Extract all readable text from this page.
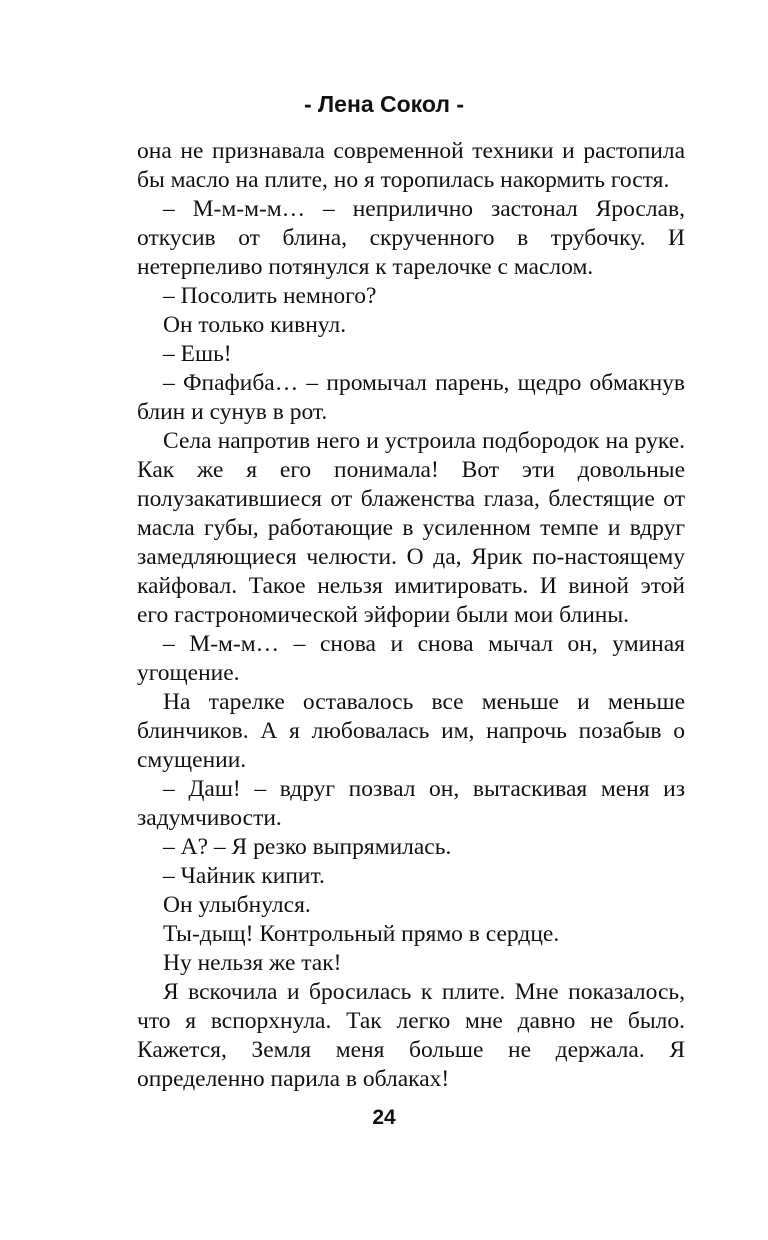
- Лена Сокол -

она не признавала современной техники и растопила бы масло на плите, но я торопилась накормить гостя.

– М-м-м-м… – неприлично застонал Ярослав, откусив от блина, скрученного в трубочку. И нетерпеливо потянулся к тарелочке с маслом.

– Посолить немного?

Он только кивнул.

– Ешь!

– Фпафиба… – промычал парень, щедро обмакнув блин и сунув в рот.

Села напротив него и устроила подбородок на руке. Как же я его понимала! Вот эти довольные полузакатившиеся от блаженства глаза, блестящие от масла губы, работающие в усиленном темпе и вдруг замедляющиеся челюсти. О да, Ярик по-настоящему кайфовал. Такое нельзя имитировать. И виной этой его гастрономической эйфории были мои блины.

– М-м-м… – снова и снова мычал он, уминая угощение.

На тарелке оставалось все меньше и меньше блинчиков. А я любовалась им, напрочь позабыв о смущении.

– Даш! – вдруг позвал он, вытаскивая меня из задумчивости.

– А? – Я резко выпрямилась.

– Чайник кипит.

Он улыбнулся.

Ты-дыщ! Контрольный прямо в сердце.

Ну нельзя же так!

Я вскочила и бросилась к плите. Мне показалось, что я вспорхнула. Так легко мне давно не было. Кажется, Земля меня больше не держала. Я определенно парила в облаках!

24
